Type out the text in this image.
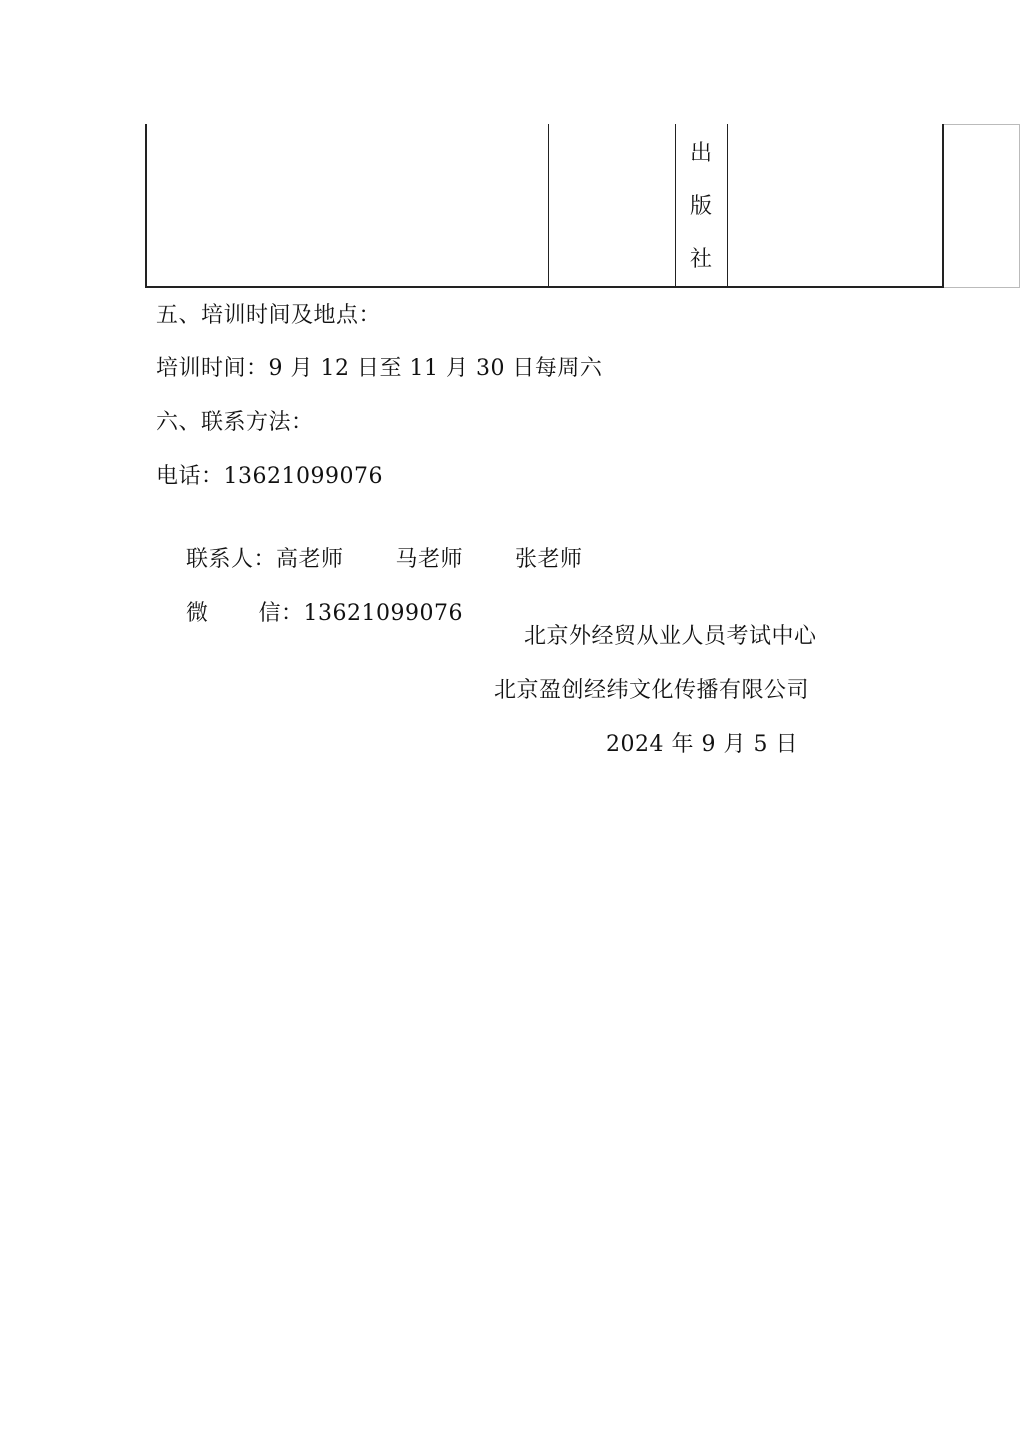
出
版
社
五、培训时间及地点：
培训时间：9 月 12 日至 11 月 30 日每周六
六、联系方法：
电话：13621099076

联系人：高老师 马老师 张老师

微 信：13621099076

北京外经贸从业人员考试中心
北京盈创经纬文化传播有限公司
2024 年 9 月 5 日
